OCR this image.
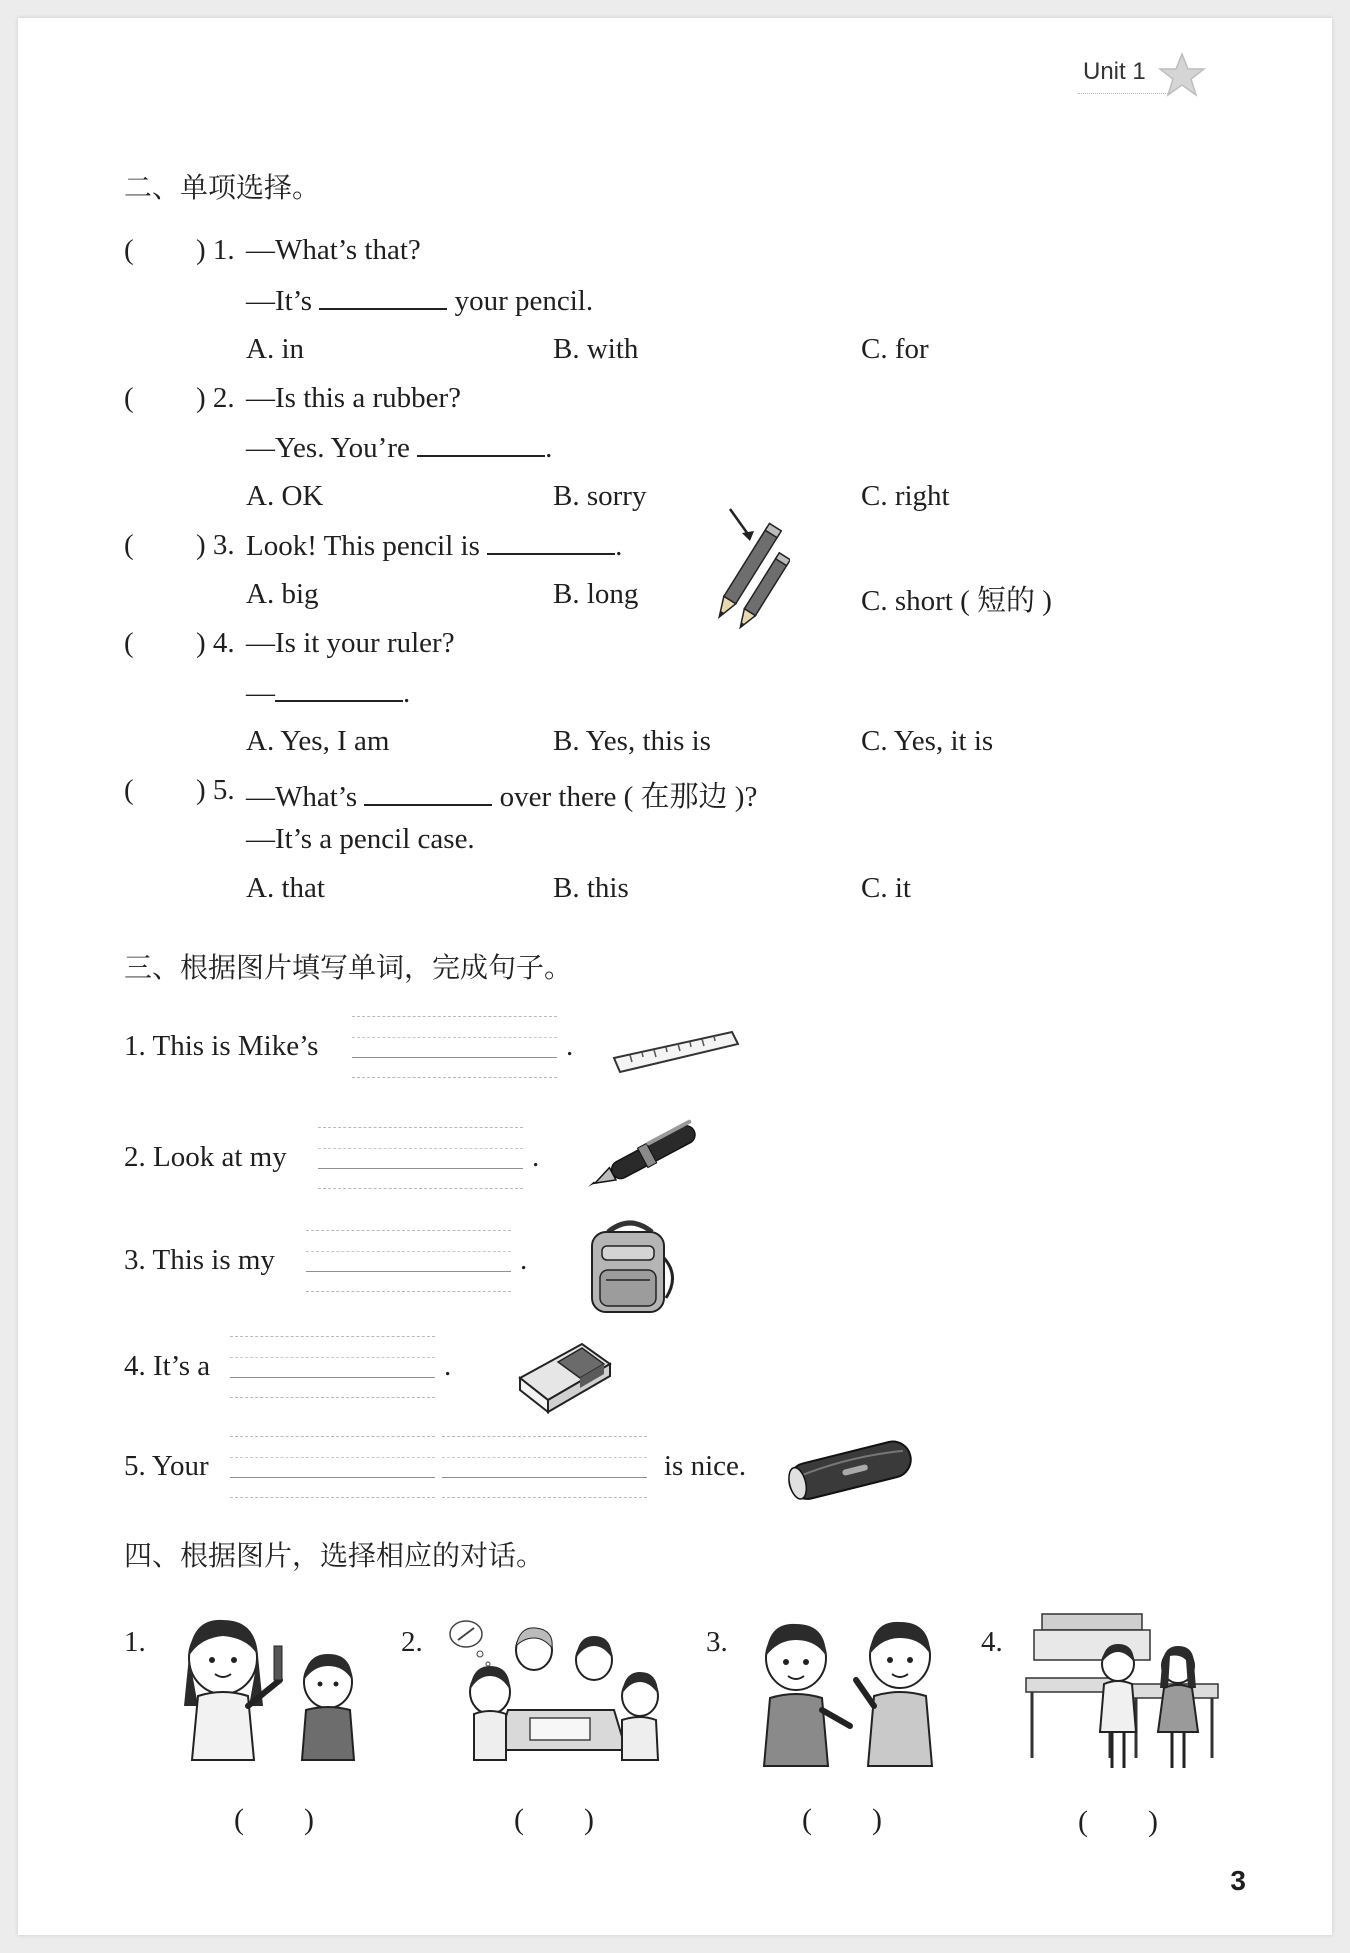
Unit 1
二、单项选择。
( ) 1. —What’s that?
—It’s	your pencil.
A. in	B. with	C. for
( ) 2. —Is this a rubber?
—Yes. You’re	.
A. OK	B. sorry	C. right
( ) 3. Look! This pencil is	.
A. big	B. long	C. short ( 短的 )
( ) 4. —Is it your ruler?
—	.
A. Yes, I am	B. Yes, this is	C. Yes, it is
( ) 5. —What’s	over there ( 在那边 )?
—It’s a pencil case.
A. that	B. this	C. it
三、根据图片填写单词，完成句子。
1. This is Mike’s	.
2. Look at my	.
3. This is my	.
4. It’s a	.
5. Your	is nice.
四、根据图片，选择相应的对话。
1.
(　　)
2.
(　　)
3.
(　　)
4.
(　　)
3
